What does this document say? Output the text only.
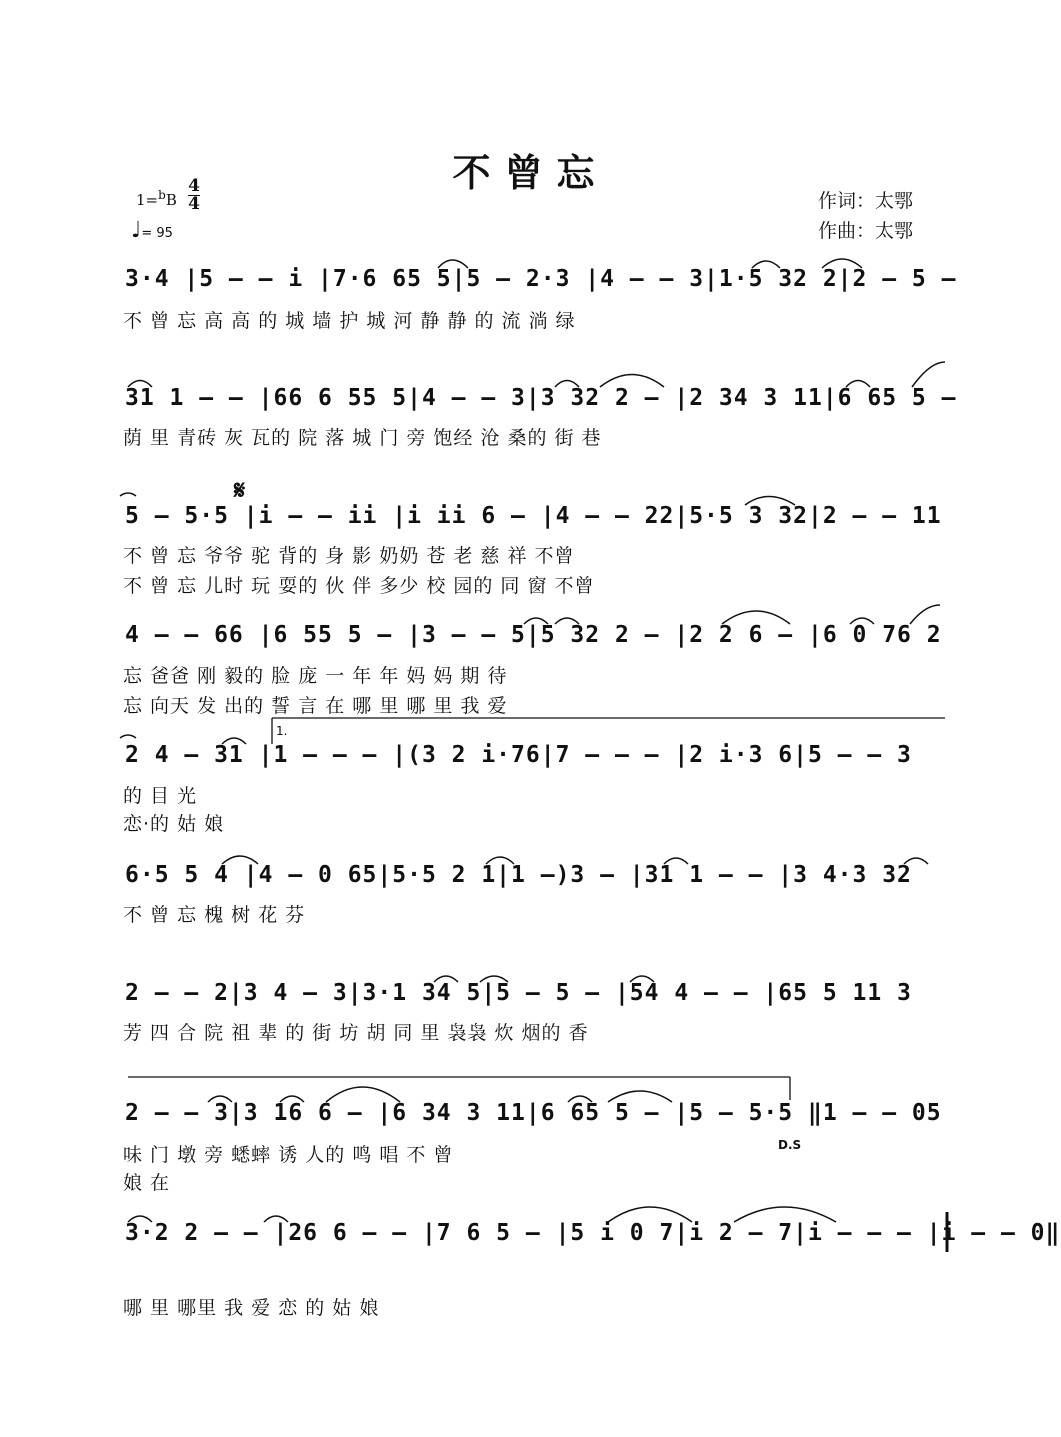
不曾忘
1=$^b$B
4
4
♩= 95
作词：太鄂
作曲：太鄂
3·4 |5 – – i |7·6 65 5|5 – 2·3 |4 – – 3|1·5 32 2|2 – 5 –
不 曾 忘 高 高 的 城 墙 护 城 河 静 静 的 流 淌 绿
31 1 – – |66 6 55 5|4 – – 3|3 32 2 – |2 34 3 11|6 65 5 –
荫 里 青砖 灰 瓦的 院 落 城 门 旁 饱经 沧 桑的 街 巷
𝄋
5 – 5·5 |i – – ii |i ii 6 – |4 – – 22|5·5 3 32|2 – – 11
不 曾 忘 爷爷 驼 背的 身 影 奶奶 苍 老 慈 祥 不曾
不 曾 忘 儿时 玩 耍的 伙 伴 多少 校 园的 同 窗 不曾
4 – – 66 |6 55 5 – |3 – – 5|5 32 2 – |2 2 6 – |6 0 76 2
忘 爸爸 刚 毅的 脸 庞 一 年 年 妈 妈 期 待
忘 向天 发 出的 誓 言 在 哪 里 哪 里 我 爱
1.
2 4 – 31 |1 – – – |(3 2 i·76|7 – – – |2 i·3 6|5 – – 3
的 目 光
恋·的 姑 娘
6·5 5 4 |4 – 0 65|5·5 2 1|1 –)3 – |31 1 – – |3 4·3 32
不 曾 忘 槐 树 花 芬
2 – – 2|3 4 – 3|3·1 34 5|5 – 5 – |54 4 – – |65 5 11 3
芳 四 合 院 祖 辈 的 街 坊 胡 同 里 袅袅 炊 烟的 香
2 – – 3|3 16 6 – |6 34 3 11|6 65 5 – |5 – 5·5 ‖1 – – 05
味 门 墩 旁 蟋蟀 诱 人的 鸣 唱 不 曾	D.S
娘 在
3·2 2 – – |26 6 – – |7 6 5 – |5 i 0 7|i 2 – 7|i – – – |i – – 0‖
哪 里 哪里 我 爱 恋 的 姑 娘
